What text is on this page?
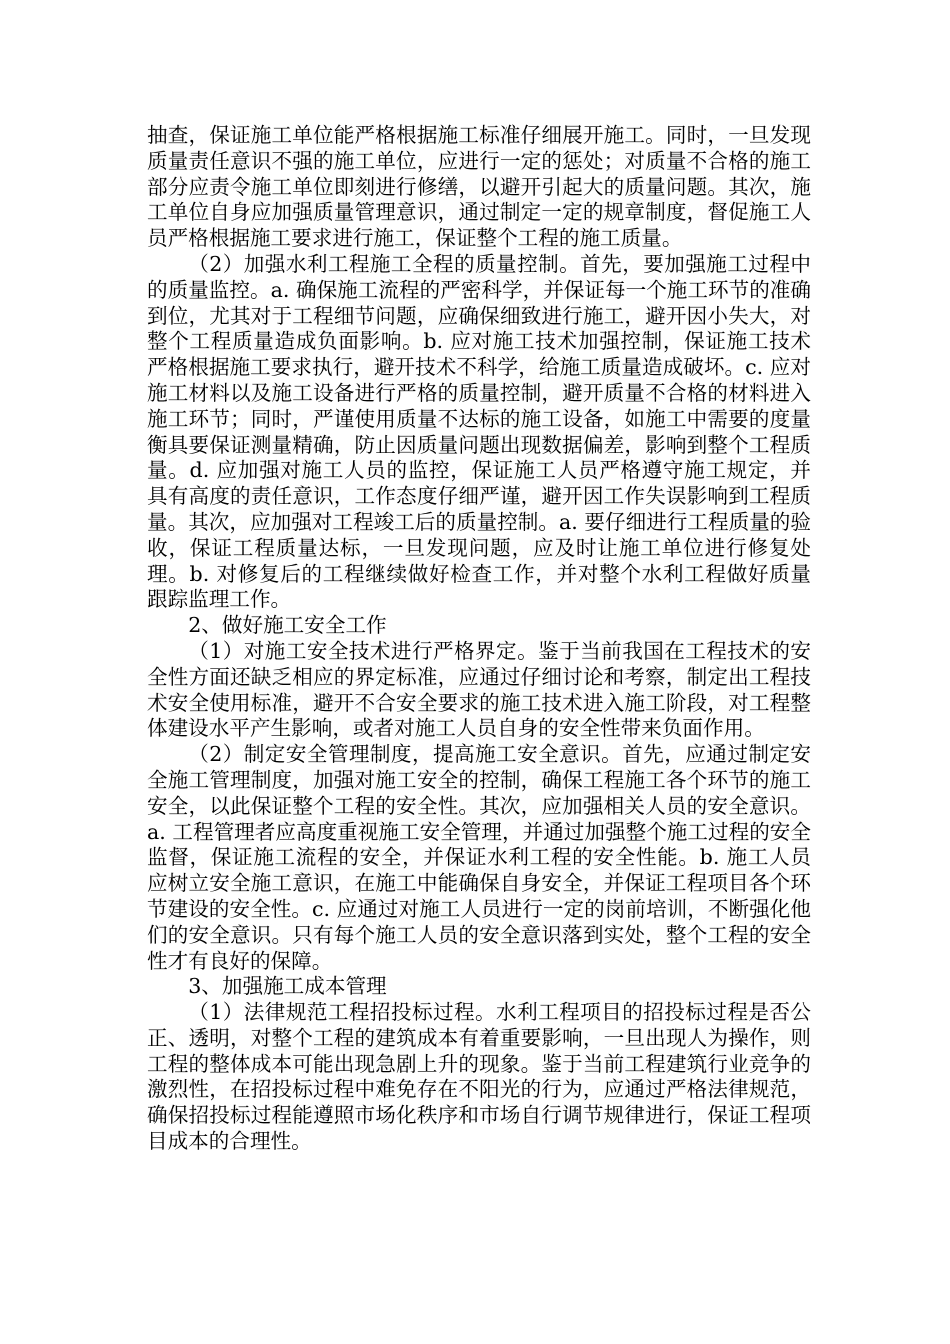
抽查，保证施工单位能严格根据施工标准仔细展开施工。同时，一旦发现质量责任意识不强的施工单位，应进行一定的惩处；对质量不合格的施工部分应责令施工单位即刻进行修缮，以避开引起大的质量问题。其次，施工单位自身应加强质量管理意识，通过制定一定的规章制度，督促施工人员严格根据施工要求进行施工，保证整个工程的施工质量。

（2）加强水利工程施工全程的质量控制。首先，要加强施工过程中的质量监控。a. 确保施工流程的严密科学，并保证每一个施工环节的准确到位，尤其对于工程细节问题，应确保细致进行施工，避开因小失大，对整个工程质量造成负面影响。b. 应对施工技术加强控制，保证施工技术严格根据施工要求执行，避开技术不科学，给施工质量造成破坏。c. 应对施工材料以及施工设备进行严格的质量控制，避开质量不合格的材料进入施工环节；同时，严谨使用质量不达标的施工设备，如施工中需要的度量衡具要保证测量精确，防止因质量问题出现数据偏差，影响到整个工程质量。d. 应加强对施工人员的监控，保证施工人员严格遵守施工规定，并具有高度的责任意识，工作态度仔细严谨，避开因工作失误影响到工程质量。其次，应加强对工程竣工后的质量控制。a. 要仔细进行工程质量的验收，保证工程质量达标，一旦发现问题，应及时让施工单位进行修复处理。b. 对修复后的工程继续做好检查工作，并对整个水利工程做好质量跟踪监理工作。

2、做好施工安全工作

（1）对施工安全技术进行严格界定。鉴于当前我国在工程技术的安全性方面还缺乏相应的界定标准，应通过仔细讨论和考察，制定出工程技术安全使用标准，避开不合安全要求的施工技术进入施工阶段，对工程整体建设水平产生影响，或者对施工人员自身的安全性带来负面作用。

（2）制定安全管理制度，提高施工安全意识。首先，应通过制定安全施工管理制度，加强对施工安全的控制，确保工程施工各个环节的施工安全，以此保证整个工程的安全性。其次，应加强相关人员的安全意识。a. 工程管理者应高度重视施工安全管理，并通过加强整个施工过程的安全监督，保证施工流程的安全，并保证水利工程的安全性能。b. 施工人员应树立安全施工意识，在施工中能确保自身安全，并保证工程项目各个环节建设的安全性。c. 应通过对施工人员进行一定的岗前培训，不断强化他们的安全意识。只有每个施工人员的安全意识落到实处，整个工程的安全性才有良好的保障。

3、加强施工成本管理

（1）法律规范工程招投标过程。水利工程项目的招投标过程是否公正、透明，对整个工程的建筑成本有着重要影响，一旦出现人为操作，则工程的整体成本可能出现急剧上升的现象。鉴于当前工程建筑行业竞争的激烈性，在招投标过程中难免存在不阳光的行为，应通过严格法律规范，确保招投标过程能遵照市场化秩序和市场自行调节规律进行，保证工程项目成本的合理性。
